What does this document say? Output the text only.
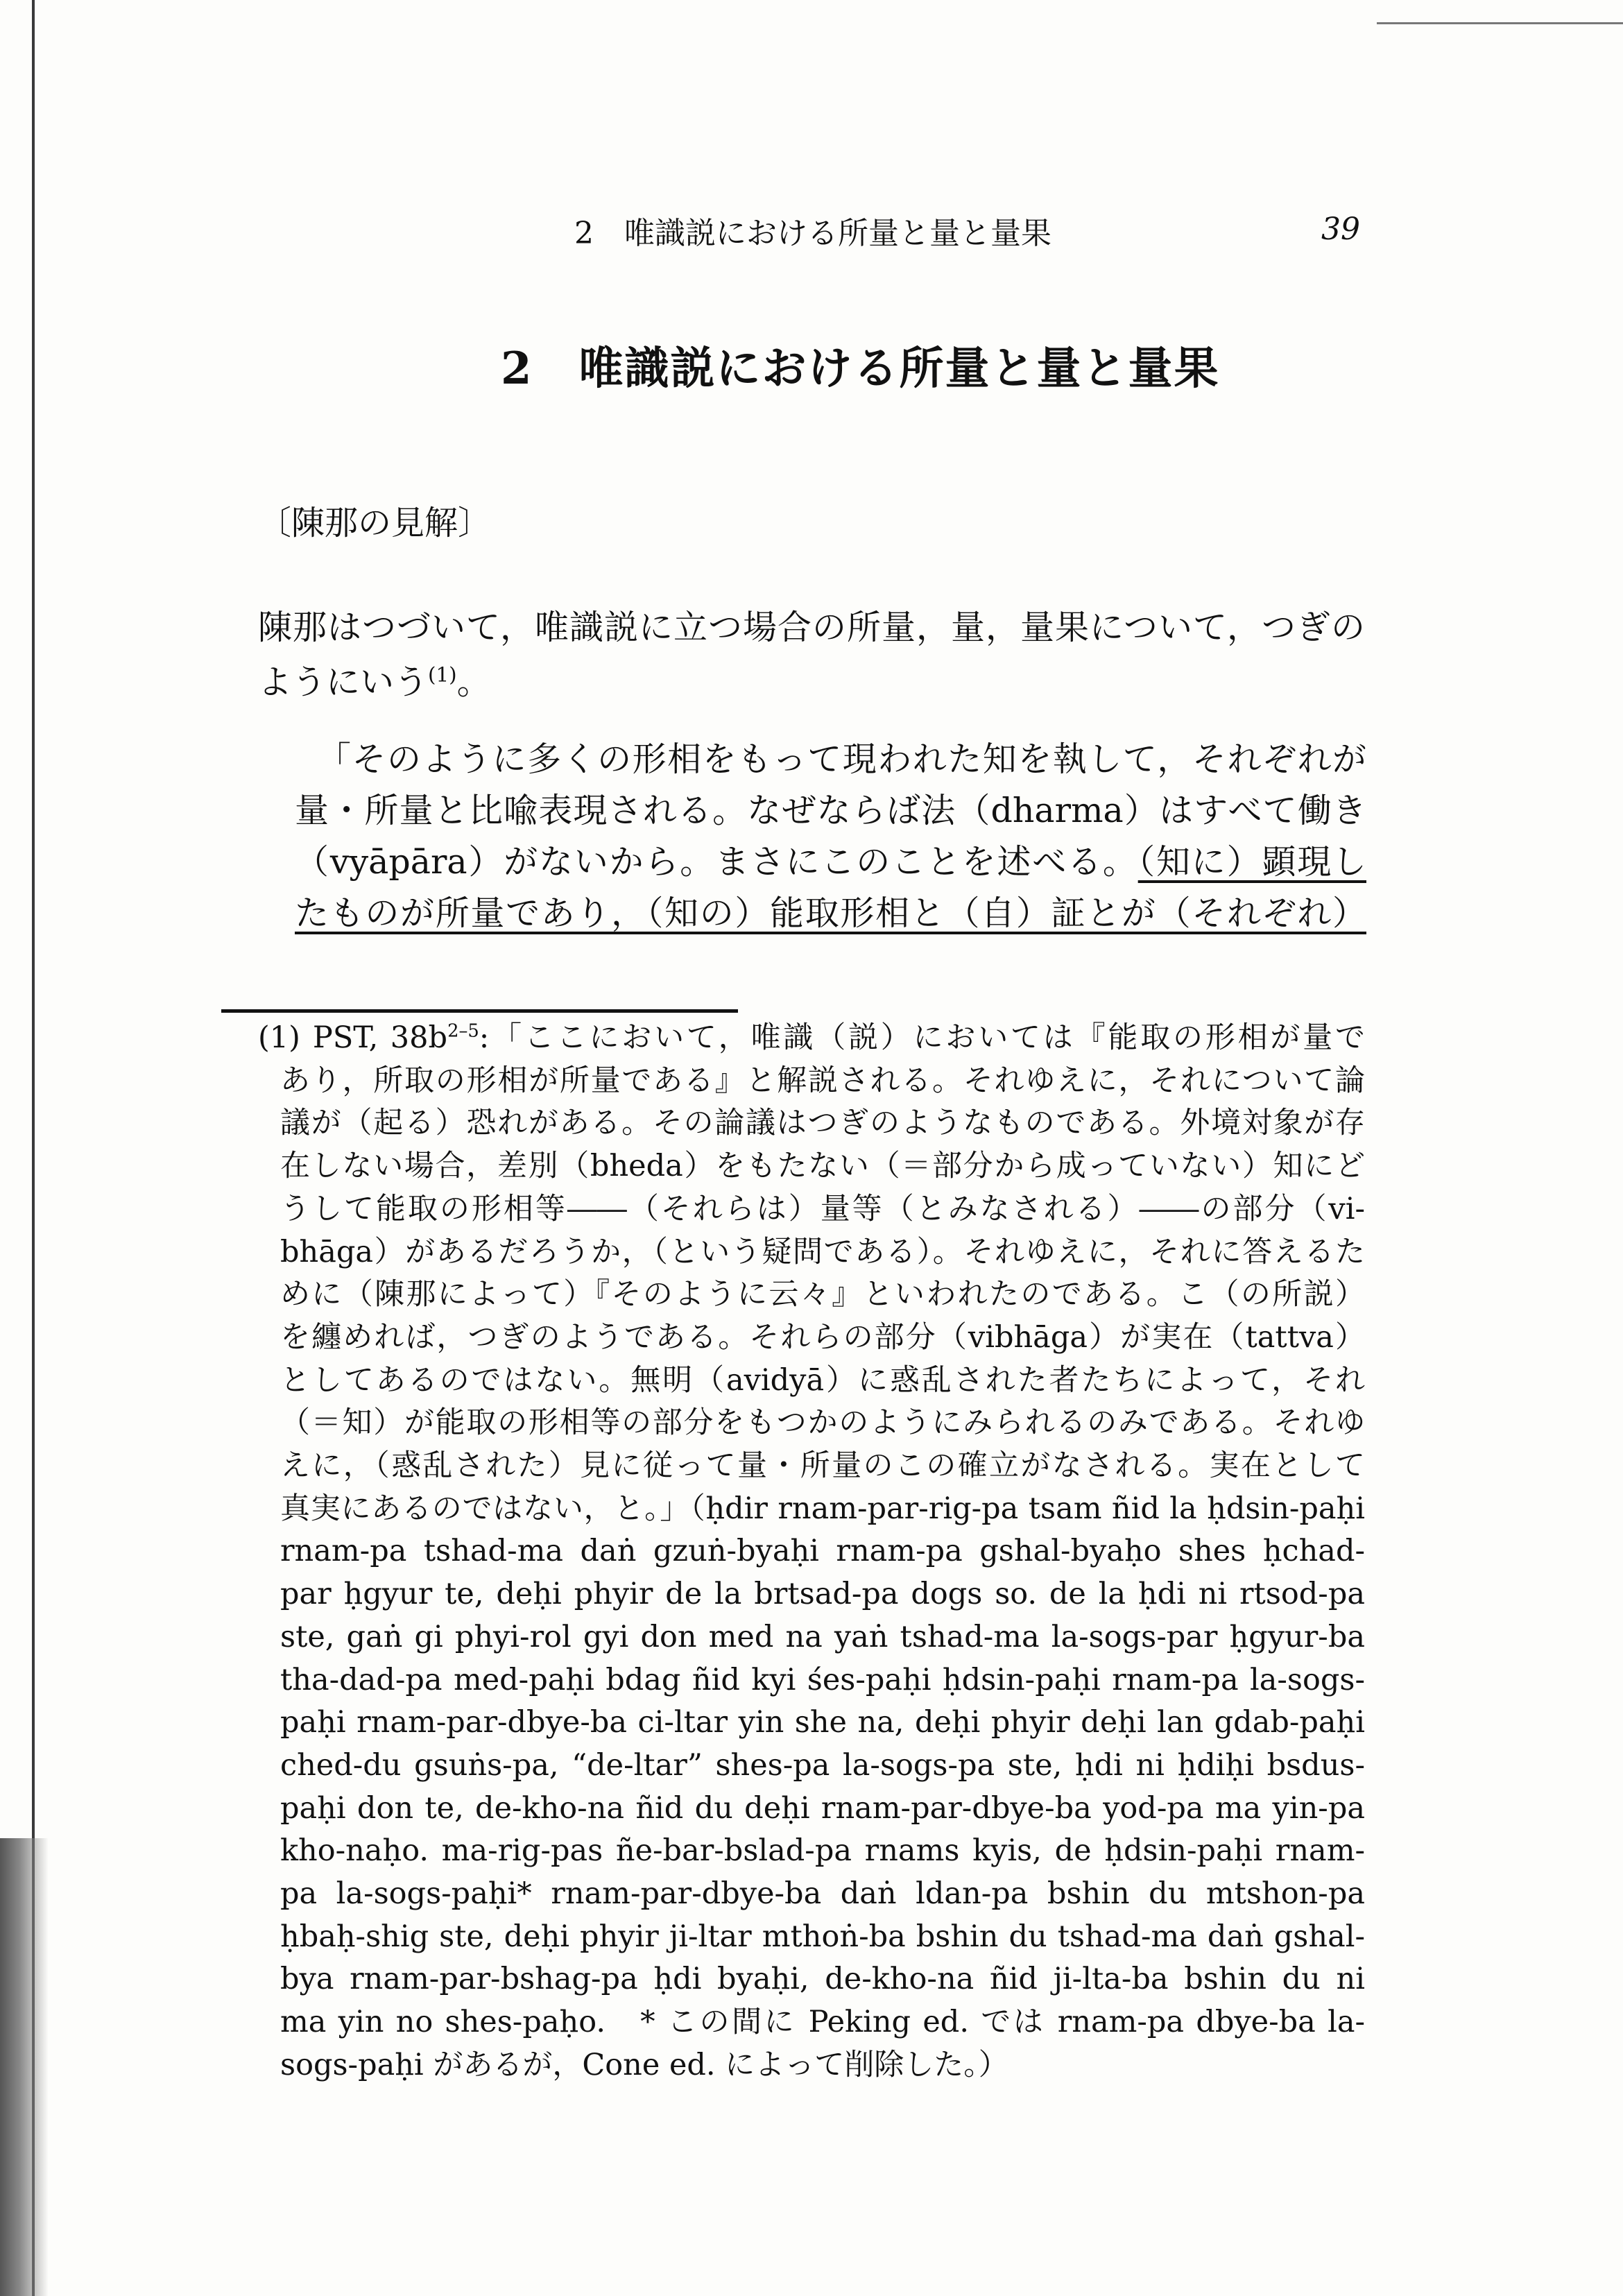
2　唯識説における所量と量と量果	39
2　唯識説における所量と量と量果
〔陳那の見解〕
陳那はつづいて，唯識説に立つ場合の所量，量，量果について，つぎの
ようにいう$^{(1)}$。
「そのように多くの形相をもって現われた知を執して，それぞれが
量・所量と比喩表現される。なぜならば法（dharma）はすべて働き
（vyāpāra）がないから。まさにこのことを述べる。（知に）顕現し
たものが所量であり，（知の）能取形相と（自）証とが（それぞれ）
(1) PST, $38b^{2-5}$:「ここにおいて，唯識（説）においては『能取の形相が量で
あり，所取の形相が所量である』と解説される。それゆえに，それについて論
議が（起る）恐れがある。その論議はつぎのようなものである。外境対象が存
在しない場合，差別（bheda）をもたない（＝部分から成っていない）知にど
うして能取の形相等――（それらは）量等（とみなされる）――の部分（vi-
bhāga）があるだろうか，（という疑問である）。それゆえに，それに答えるた
めに（陳那によって）『そのように云々』といわれたのである。こ（の所説）
を纏めれば，つぎのようである。それらの部分（vibhāga）が実在（tattva）
としてあるのではない。無明（avidyā）に惑乱された者たちによって，それ
（＝知）が能取の形相等の部分をもつかのようにみられるのみである。それゆ
えに，（惑乱された）見に従って量・所量のこの確立がなされる。実在として
真実にあるのではない，と。」（ḥdir rnam-par-rig-pa tsam ñid la ḥdsin-paḥi
rnam-pa tshad-ma daṅ gzuṅ-byaḥi rnam-pa gshal-byaḥo shes ḥchad-
par ḥgyur te, deḥi phyir de la brtsad-pa dogs so. de la ḥdi ni rtsod-pa
ste, gaṅ gi phyi-rol gyi don med na yaṅ tshad-ma la-sogs-par ḥgyur-ba
tha-dad-pa med-paḥi bdag ñid kyi śes-paḥi ḥdsin-paḥi rnam-pa la-sogs-
paḥi rnam-par-dbye-ba ci-ltar yin she na, deḥi phyir deḥi lan gdab-paḥi
ched-du gsuṅs-pa, “de-ltar” shes-pa la-sogs-pa ste, ḥdi ni ḥdiḥi bsdus-
paḥi don te, de-kho-na ñid du deḥi rnam-par-dbye-ba yod-pa ma yin-pa
kho-naḥo. ma-rig-pas ñe-bar-bslad-pa rnams kyis, de ḥdsin-paḥi rnam-
pa la-sogs-paḥi* rnam-par-dbye-ba daṅ ldan-pa bshin du mtshon-pa
ḥbaḥ-shig ste, deḥi phyir ji-ltar mthoṅ-ba bshin du tshad-ma daṅ gshal-
bya rnam-par-bshag-pa ḥdi byaḥi, de-kho-na ñid ji-lta-ba bshin du ni
ma yin no shes-paḥo.　* この間に Peking ed. では rnam-pa dbye-ba la-
sogs-paḥi があるが，Cone ed. によって削除した。）
